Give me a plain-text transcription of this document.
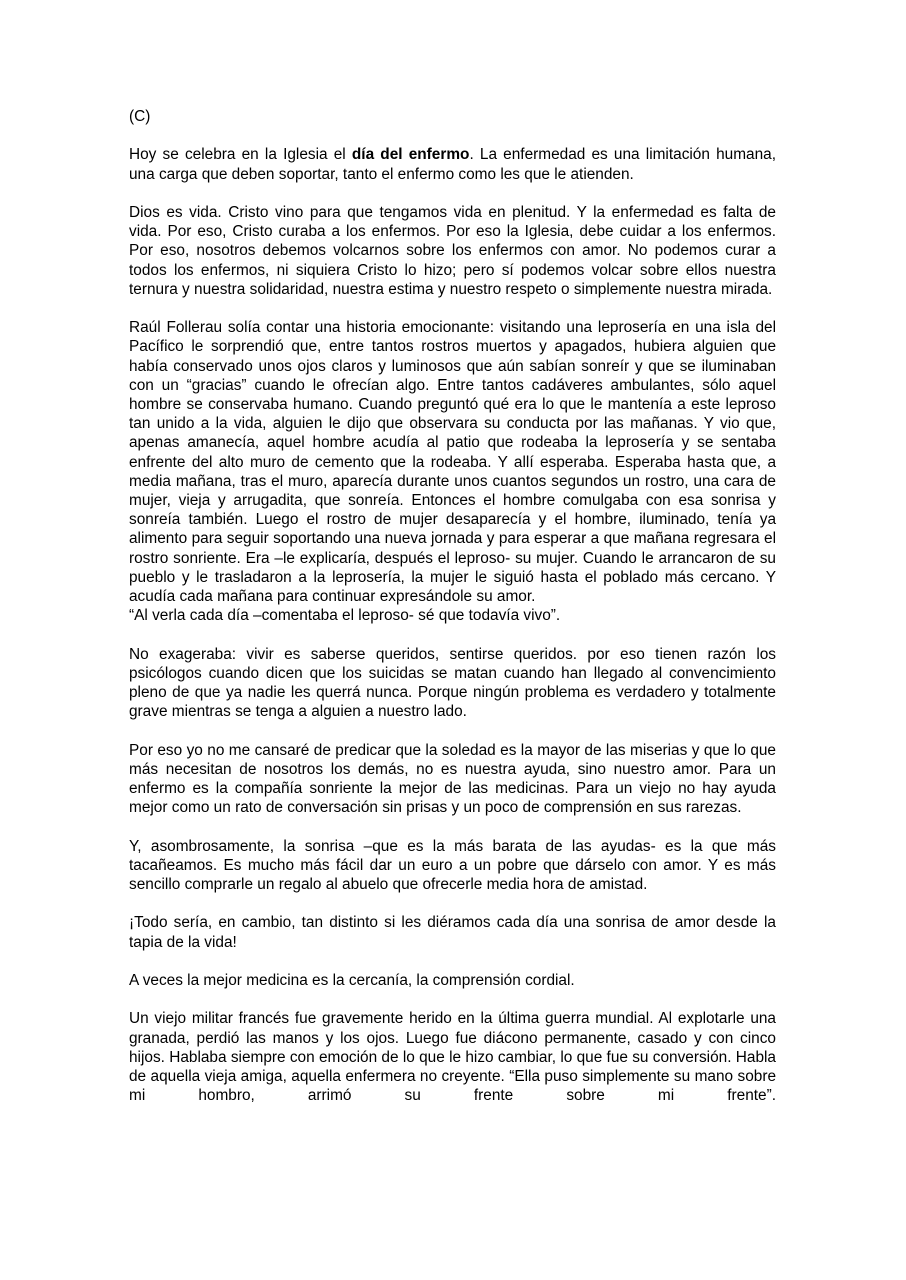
(C)

Hoy se celebra en la Iglesia el día del enfermo. La enfermedad es una limitación humana, una carga que deben soportar, tanto el enfermo como les que le atienden.

Dios es vida. Cristo vino para que tengamos vida en plenitud. Y la enfermedad es falta de vida. Por eso, Cristo curaba a los enfermos. Por eso la Iglesia, debe cuidar a los enfermos. Por eso, nosotros debemos volcarnos sobre los enfermos con amor. No podemos curar a todos los enfermos, ni siquiera Cristo lo hizo; pero sí podemos volcar sobre ellos nuestra ternura y nuestra solidaridad, nuestra estima y nuestro respeto o simplemente nuestra mirada.

Raúl Follerau solía contar una historia emocionante: visitando una leprosería en una isla del Pacífico le sorprendió que, entre tantos rostros muertos y apagados, hubiera alguien que había conservado unos ojos claros y luminosos que aún sabían sonreír y que se iluminaban con un “gracias” cuando le ofrecían algo. Entre tantos cadáveres ambulantes, sólo aquel hombre se conservaba humano. Cuando preguntó qué era lo que le mantenía a este leproso tan unido a la vida, alguien le dijo que observara su conducta por las mañanas. Y vio que, apenas amanecía, aquel hombre acudía al patio que rodeaba la leprosería y se sentaba enfrente del alto muro de cemento que la rodeaba. Y allí esperaba. Esperaba hasta que, a media mañana, tras el muro, aparecía durante unos cuantos segundos un rostro, una cara de mujer, vieja y arrugadita, que sonreía. Entonces el hombre comulgaba con esa sonrisa y sonreía también. Luego el rostro de mujer desaparecía y el hombre, iluminado, tenía ya alimento para seguir soportando una nueva jornada y para esperar a que mañana regresara el rostro sonriente. Era –le explicaría, después el leproso- su mujer. Cuando le arrancaron de su pueblo y le trasladaron a la leprosería, la mujer le siguió hasta el poblado más cercano. Y acudía cada mañana para continuar expresándole su amor.

“Al verla cada día –comentaba el leproso- sé que todavía vivo”.

No exageraba: vivir es saberse queridos, sentirse queridos. por eso tienen razón los psicólogos cuando dicen que los suicidas se matan cuando han llegado al convencimiento pleno de que ya nadie les querrá nunca. Porque ningún problema es verdadero y totalmente grave mientras se tenga a alguien a nuestro lado.

Por eso yo no me cansaré de predicar que la soledad es la mayor de las miserias y que lo que más necesitan de nosotros los demás, no es nuestra ayuda, sino nuestro amor. Para un enfermo es la compañía sonriente la mejor de las medicinas. Para un viejo no hay ayuda mejor como un rato de conversación sin prisas y un poco de comprensión en sus rarezas.

Y, asombrosamente, la sonrisa –que es la más barata de las ayudas- es la que más tacañeamos. Es mucho más fácil dar un euro a un pobre que dárselo con amor. Y es más sencillo comprarle un regalo al abuelo que ofrecerle media hora de amistad.

¡Todo sería, en cambio, tan distinto si les diéramos cada día una sonrisa de amor desde la tapia de la vida!

A veces la mejor medicina es la cercanía, la comprensión cordial.

Un viejo militar francés fue gravemente herido en la última guerra mundial. Al explotarle una granada, perdió las manos y los ojos. Luego fue diácono permanente, casado y con cinco hijos. Hablaba siempre con emoción de lo que le hizo cambiar, lo que fue su conversión. Habla de aquella vieja amiga, aquella enfermera no creyente. “Ella puso simplemente su mano sobre mi hombro, arrimó su frente sobre mi frente”.
